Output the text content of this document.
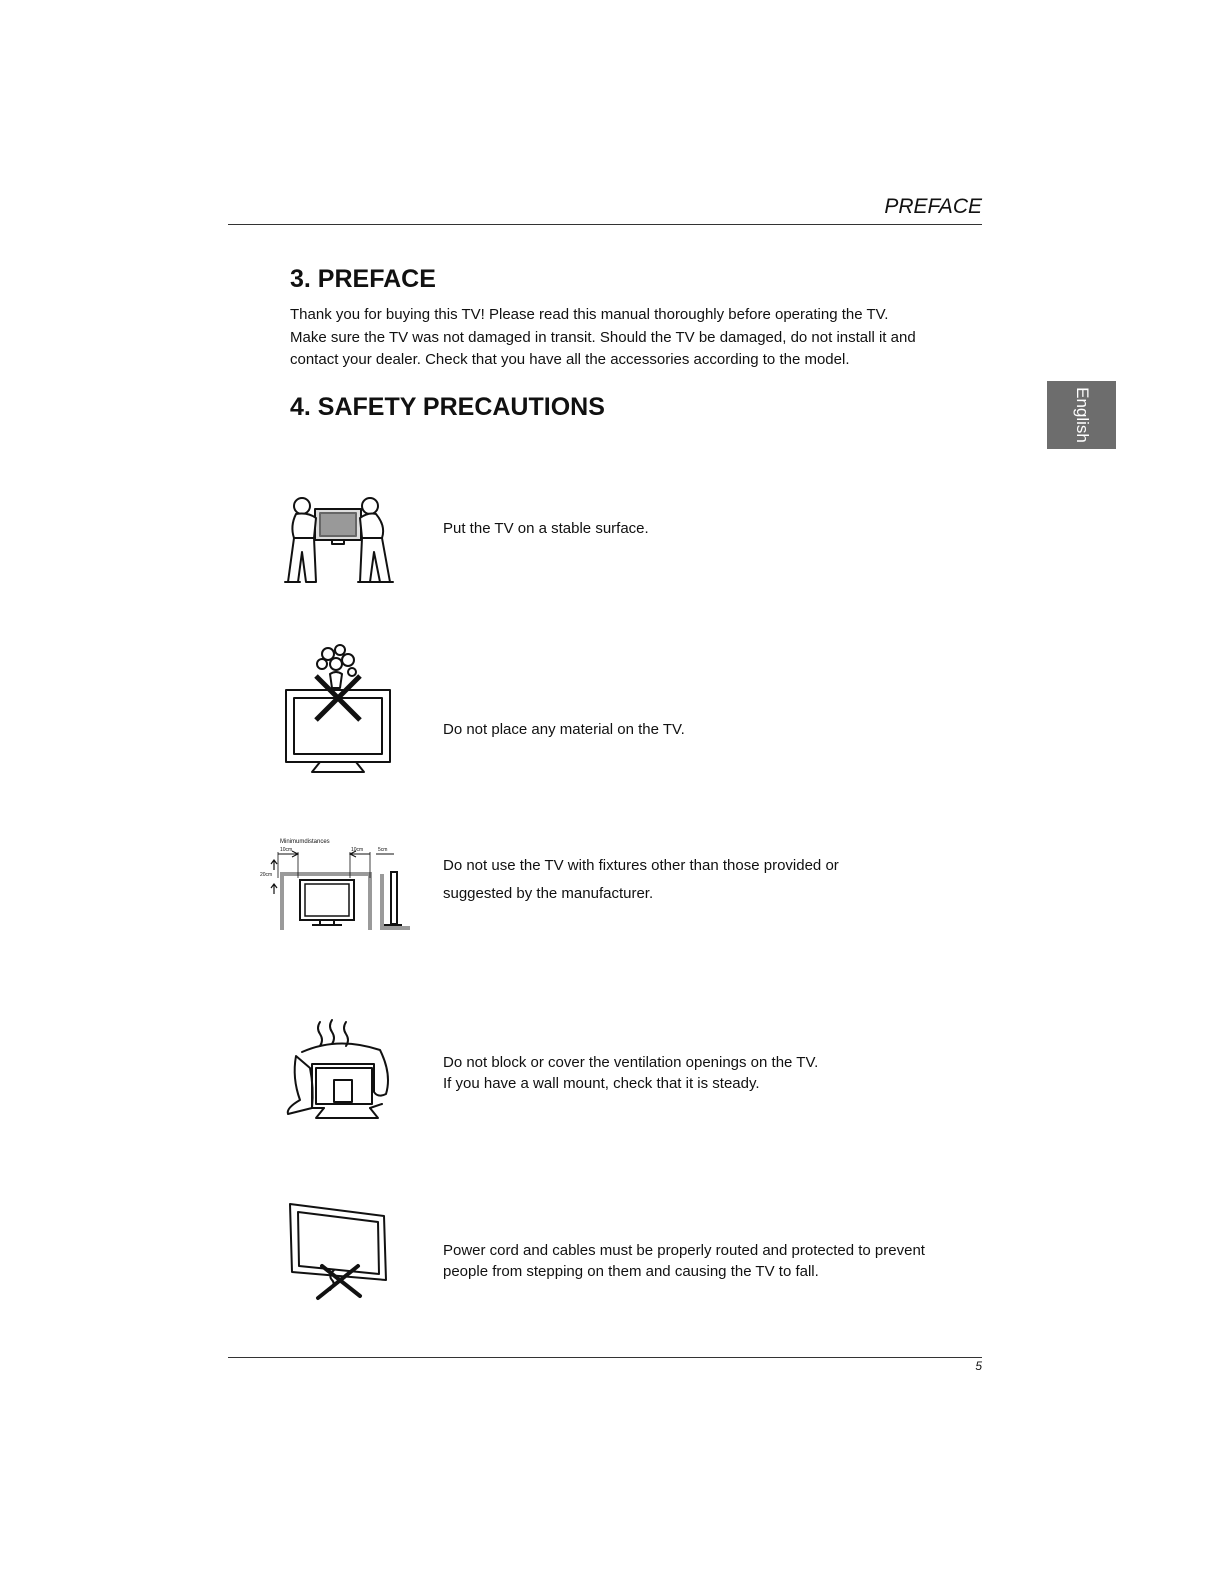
PREFACE
3. PREFACE

Thank you for buying this TV! Please read this manual thoroughly before operating the TV.
Make sure the TV was not damaged in transit. Should the TV be damaged, do not install it and
contact your dealer. Check that you have all the accessories according to the model.

4. SAFETY PRECAUTIONS	English

Put the TV on a stable surface.

Do not place any material on the TV.

Minimumdistances
10cm	10cm	5cm
20cm

Do not use the TV with fixtures other than those provided or
suggested by the manufacturer.

Do not block or cover the ventilation openings on the TV.
If you have a wall mount, check that it is steady.

Power cord and cables must be properly routed and protected to prevent
people from stepping on them and causing the TV to fall.

5
